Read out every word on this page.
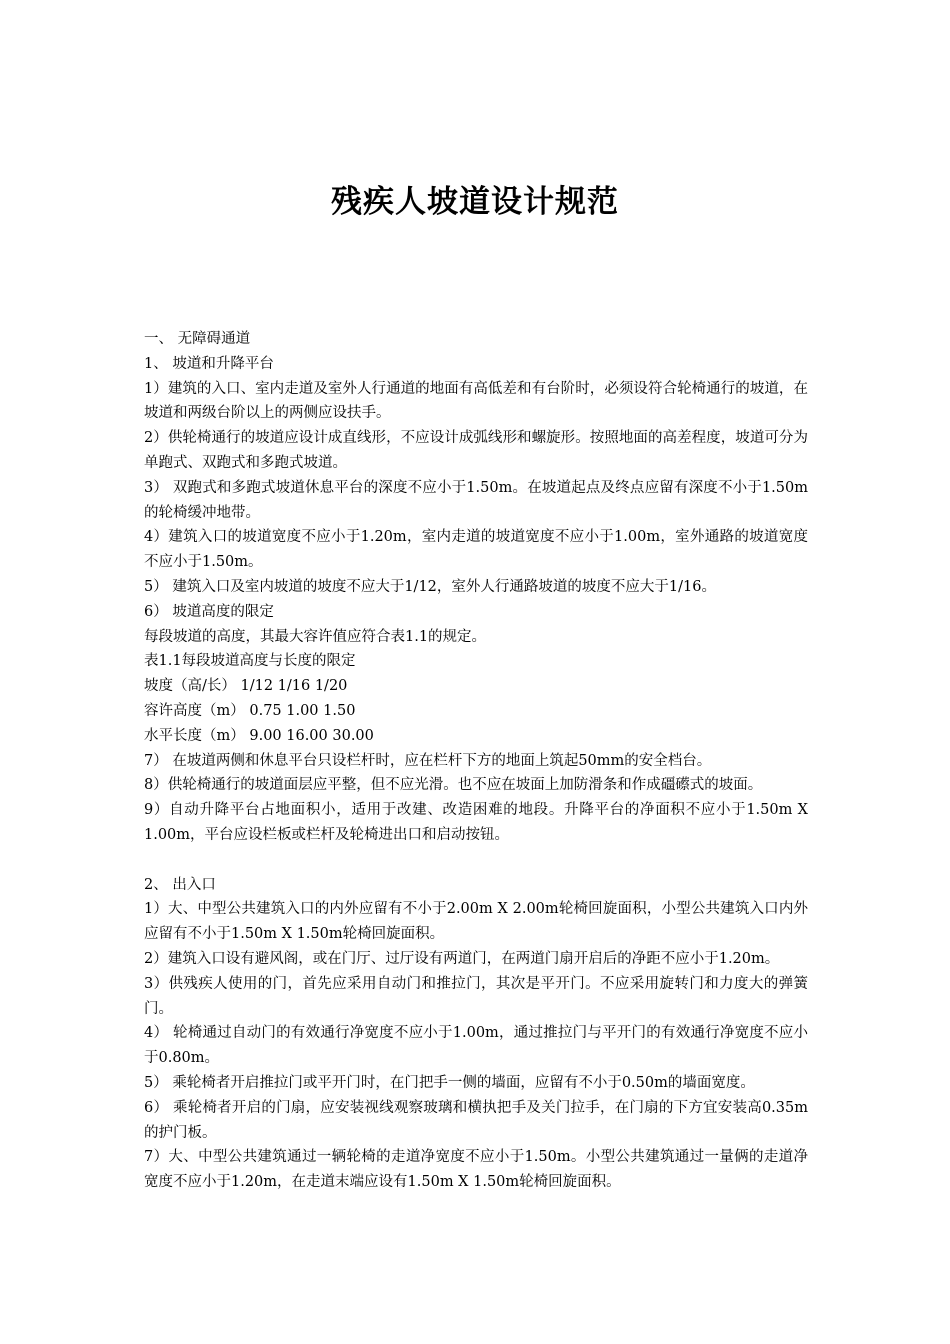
残疾人坡道设计规范

一、 无障碍通道

1、 坡道和升降平台

1）建筑的入口、室内走道及室外人行通道的地面有高低差和有台阶时，必须设符合轮椅通行的坡道，在坡道和两级台阶以上的两侧应设扶手。

2）供轮椅通行的坡道应设计成直线形，不应设计成弧线形和螺旋形。按照地面的高差程度，坡道可分为单跑式、双跑式和多跑式坡道。

3） 双跑式和多跑式坡道休息平台的深度不应小于1.50m。在坡道起点及终点应留有深度不小于1.50m的轮椅缓冲地带。

4）建筑入口的坡道宽度不应小于1.20m，室内走道的坡道宽度不应小于1.00m，室外通路的坡道宽度不应小于1.50m。

5） 建筑入口及室内坡道的坡度不应大于1/12，室外人行通路坡道的坡度不应大于1/16。

6） 坡道高度的限定

每段坡道的高度，其最大容许值应符合表1.1的规定。

表1.1每段坡道高度与长度的限定

坡度（高/长） 1/12 1/16 1/20

容许高度（m） 0.75 1.00 1.50

水平长度（m） 9.00 16.00 30.00

7） 在坡道两侧和休息平台只设栏杆时，应在栏杆下方的地面上筑起50mm的安全档台。

8）供轮椅通行的坡道面层应平整，但不应光滑。也不应在坡面上加防滑条和作成礓礤式的坡面。

9）自动升降平台占地面积小，适用于改建、改造困难的地段。升降平台的净面积不应小于1.50m X 1.00m，平台应设栏板或栏杆及轮椅进出口和启动按钮。

2、 出入口

1）大、中型公共建筑入口的内外应留有不小于2.00m X 2.00m轮椅回旋面积，小型公共建筑入口内外应留有不小于1.50m X 1.50m轮椅回旋面积。

2）建筑入口设有避风阁，或在门厅、过厅设有两道门，在两道门扇开启后的净距不应小于1.20m。

3）供残疾人使用的门，首先应采用自动门和推拉门，其次是平开门。不应采用旋转门和力度大的弹簧门。

4） 轮椅通过自动门的有效通行净宽度不应小于1.00m，通过推拉门与平开门的有效通行净宽度不应小于0.80m。

5） 乘轮椅者开启推拉门或平开门时，在门把手一侧的墙面，应留有不小于0.50m的墙面宽度。

6） 乘轮椅者开启的门扇，应安装视线观察玻璃和横执把手及关门拉手，在门扇的下方宜安装高0.35m的护门板。

7）大、中型公共建筑通过一辆轮椅的走道净宽度不应小于1.50m。小型公共建筑通过一量俩的走道净宽度不应小于1.20m，在走道末端应设有1.50m X 1.50m轮椅回旋面积。
